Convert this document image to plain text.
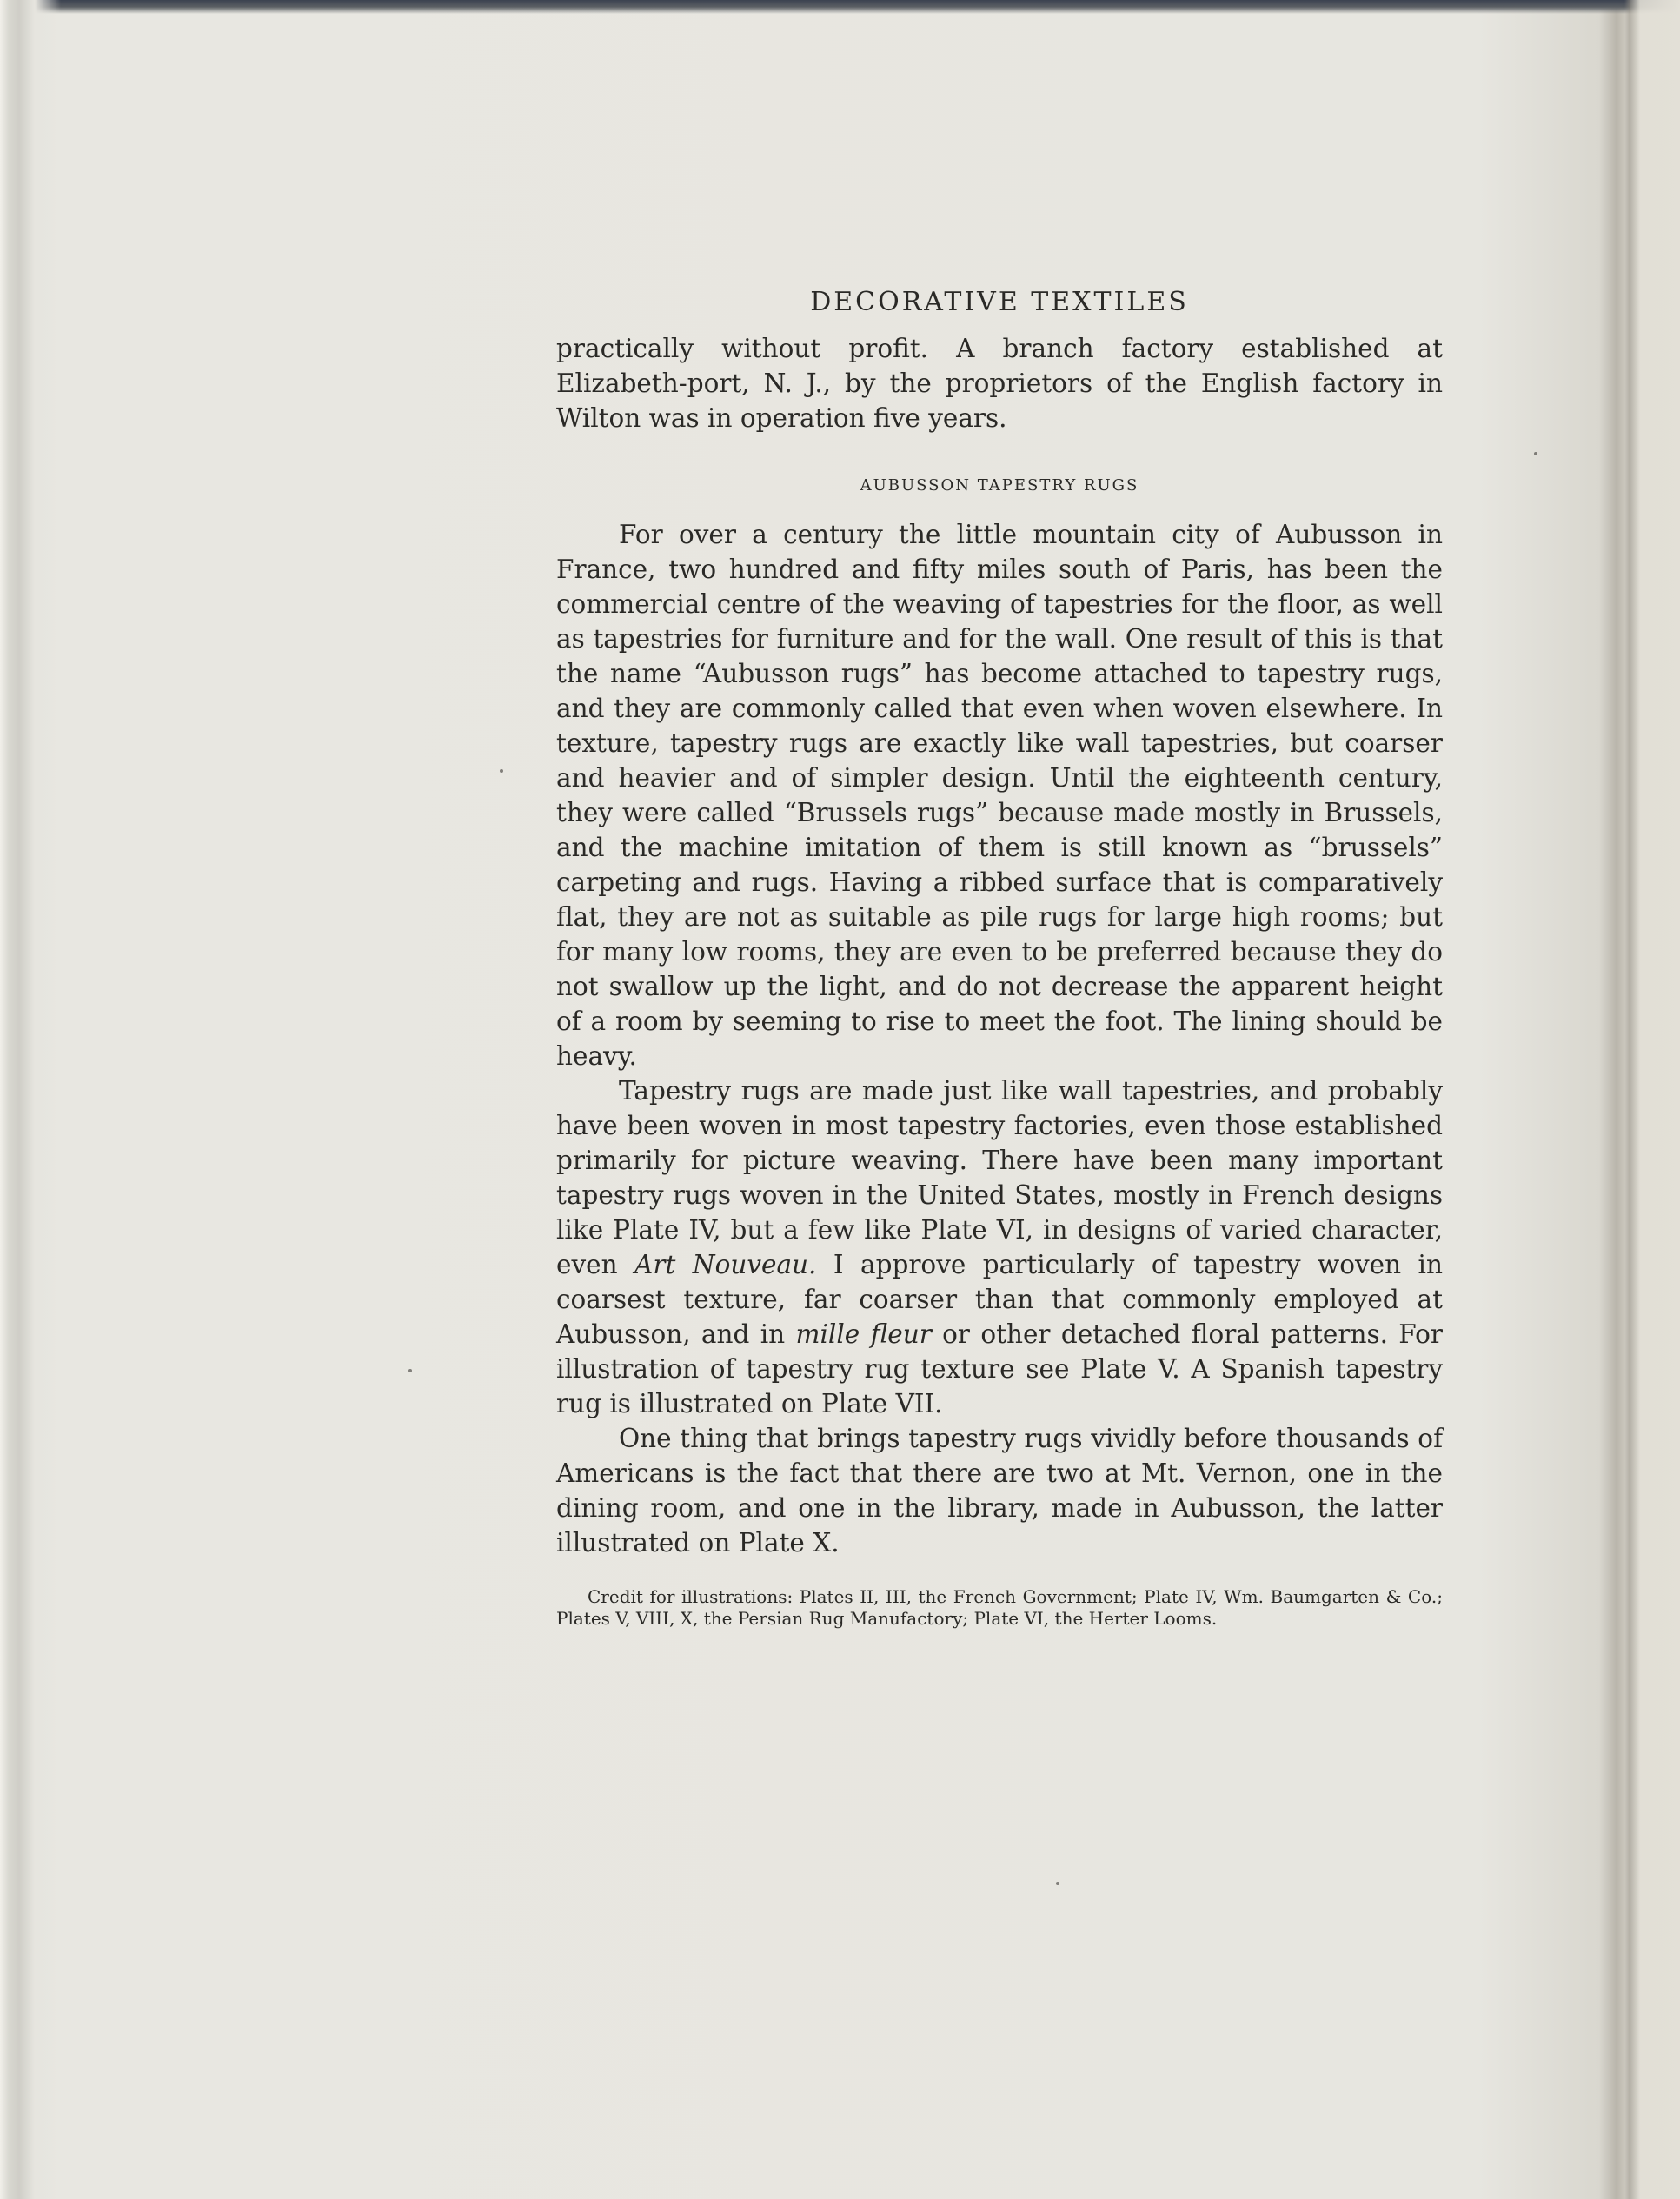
DECORATIVE TEXTILES

practically without profit. A branch factory established at Elizabeth-port, N. J., by the proprietors of the English factory in Wilton was in operation five years.

AUBUSSON TAPESTRY RUGS

For over a century the little mountain city of Aubusson in France, two hundred and fifty miles south of Paris, has been the commercial centre of the weaving of tapestries for the floor, as well as tapestries for furniture and for the wall. One result of this is that the name “Aubusson rugs” has become attached to tapestry rugs, and they are commonly called that even when woven elsewhere. In texture, tapestry rugs are exactly like wall tapestries, but coarser and heavier and of simpler design. Until the eighteenth century, they were called “Brussels rugs” because made mostly in Brussels, and the machine imitation of them is still known as “brussels” carpeting and rugs. Having a ribbed surface that is comparatively flat, they are not as suitable as pile rugs for large high rooms; but for many low rooms, they are even to be preferred because they do not swallow up the light, and do not decrease the apparent height of a room by seeming to rise to meet the foot. The lining should be heavy.

Tapestry rugs are made just like wall tapestries, and probably have been woven in most tapestry factories, even those established primarily for picture weaving. There have been many important tapestry rugs woven in the United States, mostly in French designs like Plate IV, but a few like Plate VI, in designs of varied character, even Art Nouveau. I approve particularly of tapestry woven in coarsest texture, far coarser than that commonly employed at Aubusson, and in mille fleur or other detached floral patterns. For illustration of tapestry rug texture see Plate V. A Spanish tapestry rug is illustrated on Plate VII.

One thing that brings tapestry rugs vividly before thousands of Americans is the fact that there are two at Mt. Vernon, one in the dining room, and one in the library, made in Aubusson, the latter illustrated on Plate X.

Credit for illustrations: Plates II, III, the French Government; Plate IV, Wm. Baumgarten & Co.; Plates V, VIII, X, the Persian Rug Manufactory; Plate VI, the Herter Looms.
